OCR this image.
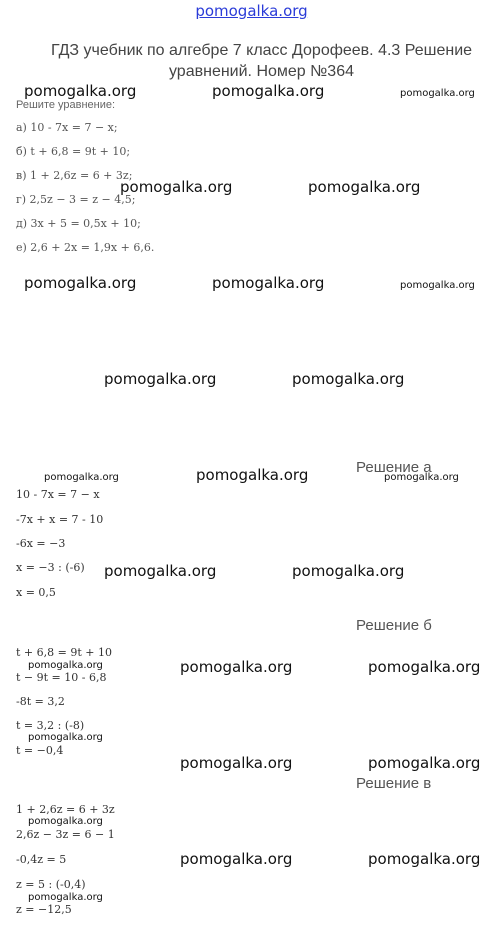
pomogalka.org
ГДЗ учебник по алгебре 7 класс Дорофеев. 4.3 Решение уравнений. Номер №364
Решите уравнение:
а) 10 - 7x = 7 − x;
б) t + 6,8 = 9t + 10;
в) 1 + 2,6z = 6 + 3z;
г) 2,5z − 3 = z − 4,5;
д) 3x + 5 = 0,5x + 10;
е) 2,6 + 2x = 1,9x + 6,6.
Решение а
10 - 7x = 7 − x
-7x + x = 7 - 10
-6x = −3
x = −3 : (-6)
x = 0,5
Решение б
t + 6,8 = 9t + 10
t − 9t = 10 - 6,8
-8t = 3,2
t = 3,2 : (-8)
t = −0,4
Решение в
1 + 2,6z = 6 + 3z
2,6z − 3z = 6 − 1
-0,4z = 5
z = 5 : (-0,4)
z = −12,5
pomogalka.org	pomogalka.org	pomogalka.org
pomogalka.org	pomogalka.org
pomogalka.org	pomogalka.org	pomogalka.org
pomogalka.org	pomogalka.org
pomogalka.org	pomogalka.org	pomogalka.org
pomogalka.org	pomogalka.org
pomogalka.org	pomogalka.org	pomogalka.org
pomogalka.org
pomogalka.org	pomogalka.org
pomogalka.org
pomogalka.org	pomogalka.org
pomogalka.org
